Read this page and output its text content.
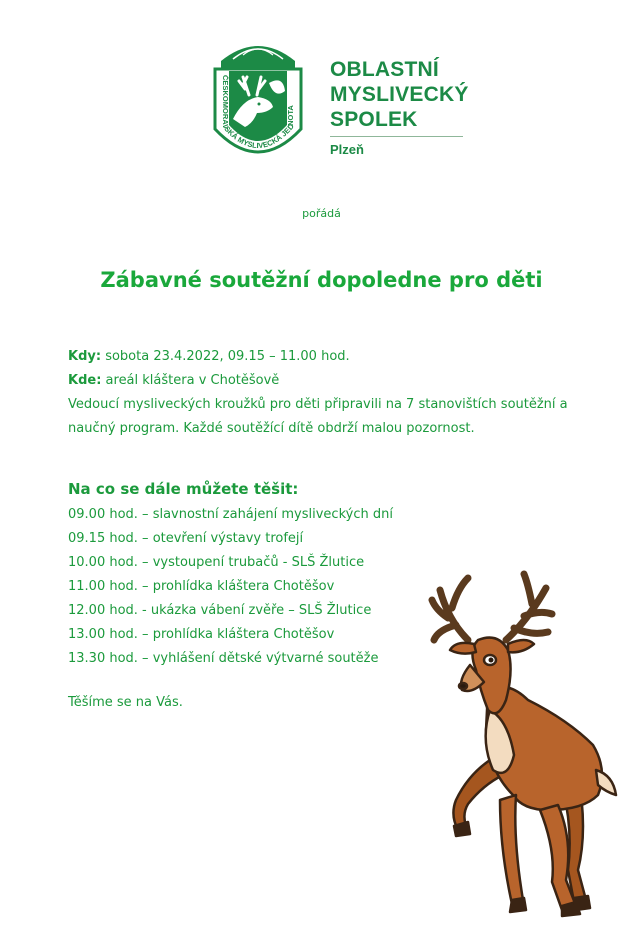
ČESKOMORAVSKÁ MYSLIVECKÁ JEDNOTA
OBLASTNÍ
MYSLIVECKÝ
SPOLEK
Plzeň
pořádá
Zábavné soutěžní dopoledne pro děti
Kdy: sobota 23.4.2022, 09.15 – 11.00 hod.
Kde: areál kláštera v Chotěšově
Vedoucí mysliveckých kroužků pro děti připravili na 7 stanovištích soutěžní a naučný program. Každé soutěžící dítě obdrží malou pozornost.
Na co se dále můžete těšit:
09.00 hod. – slavnostní zahájení mysliveckých dní
09.15 hod. – otevření výstavy trofejí
10.00 hod. – vystoupení trubačů - SLŠ Žlutice
11.00 hod. – prohlídka kláštera Chotěšov
12.00 hod. - ukázka vábení zvěře – SLŠ Žlutice
13.00 hod. – prohlídka kláštera Chotěšov
13.30 hod. – vyhlášení dětské výtvarné soutěže
Těšíme se na Vás.
